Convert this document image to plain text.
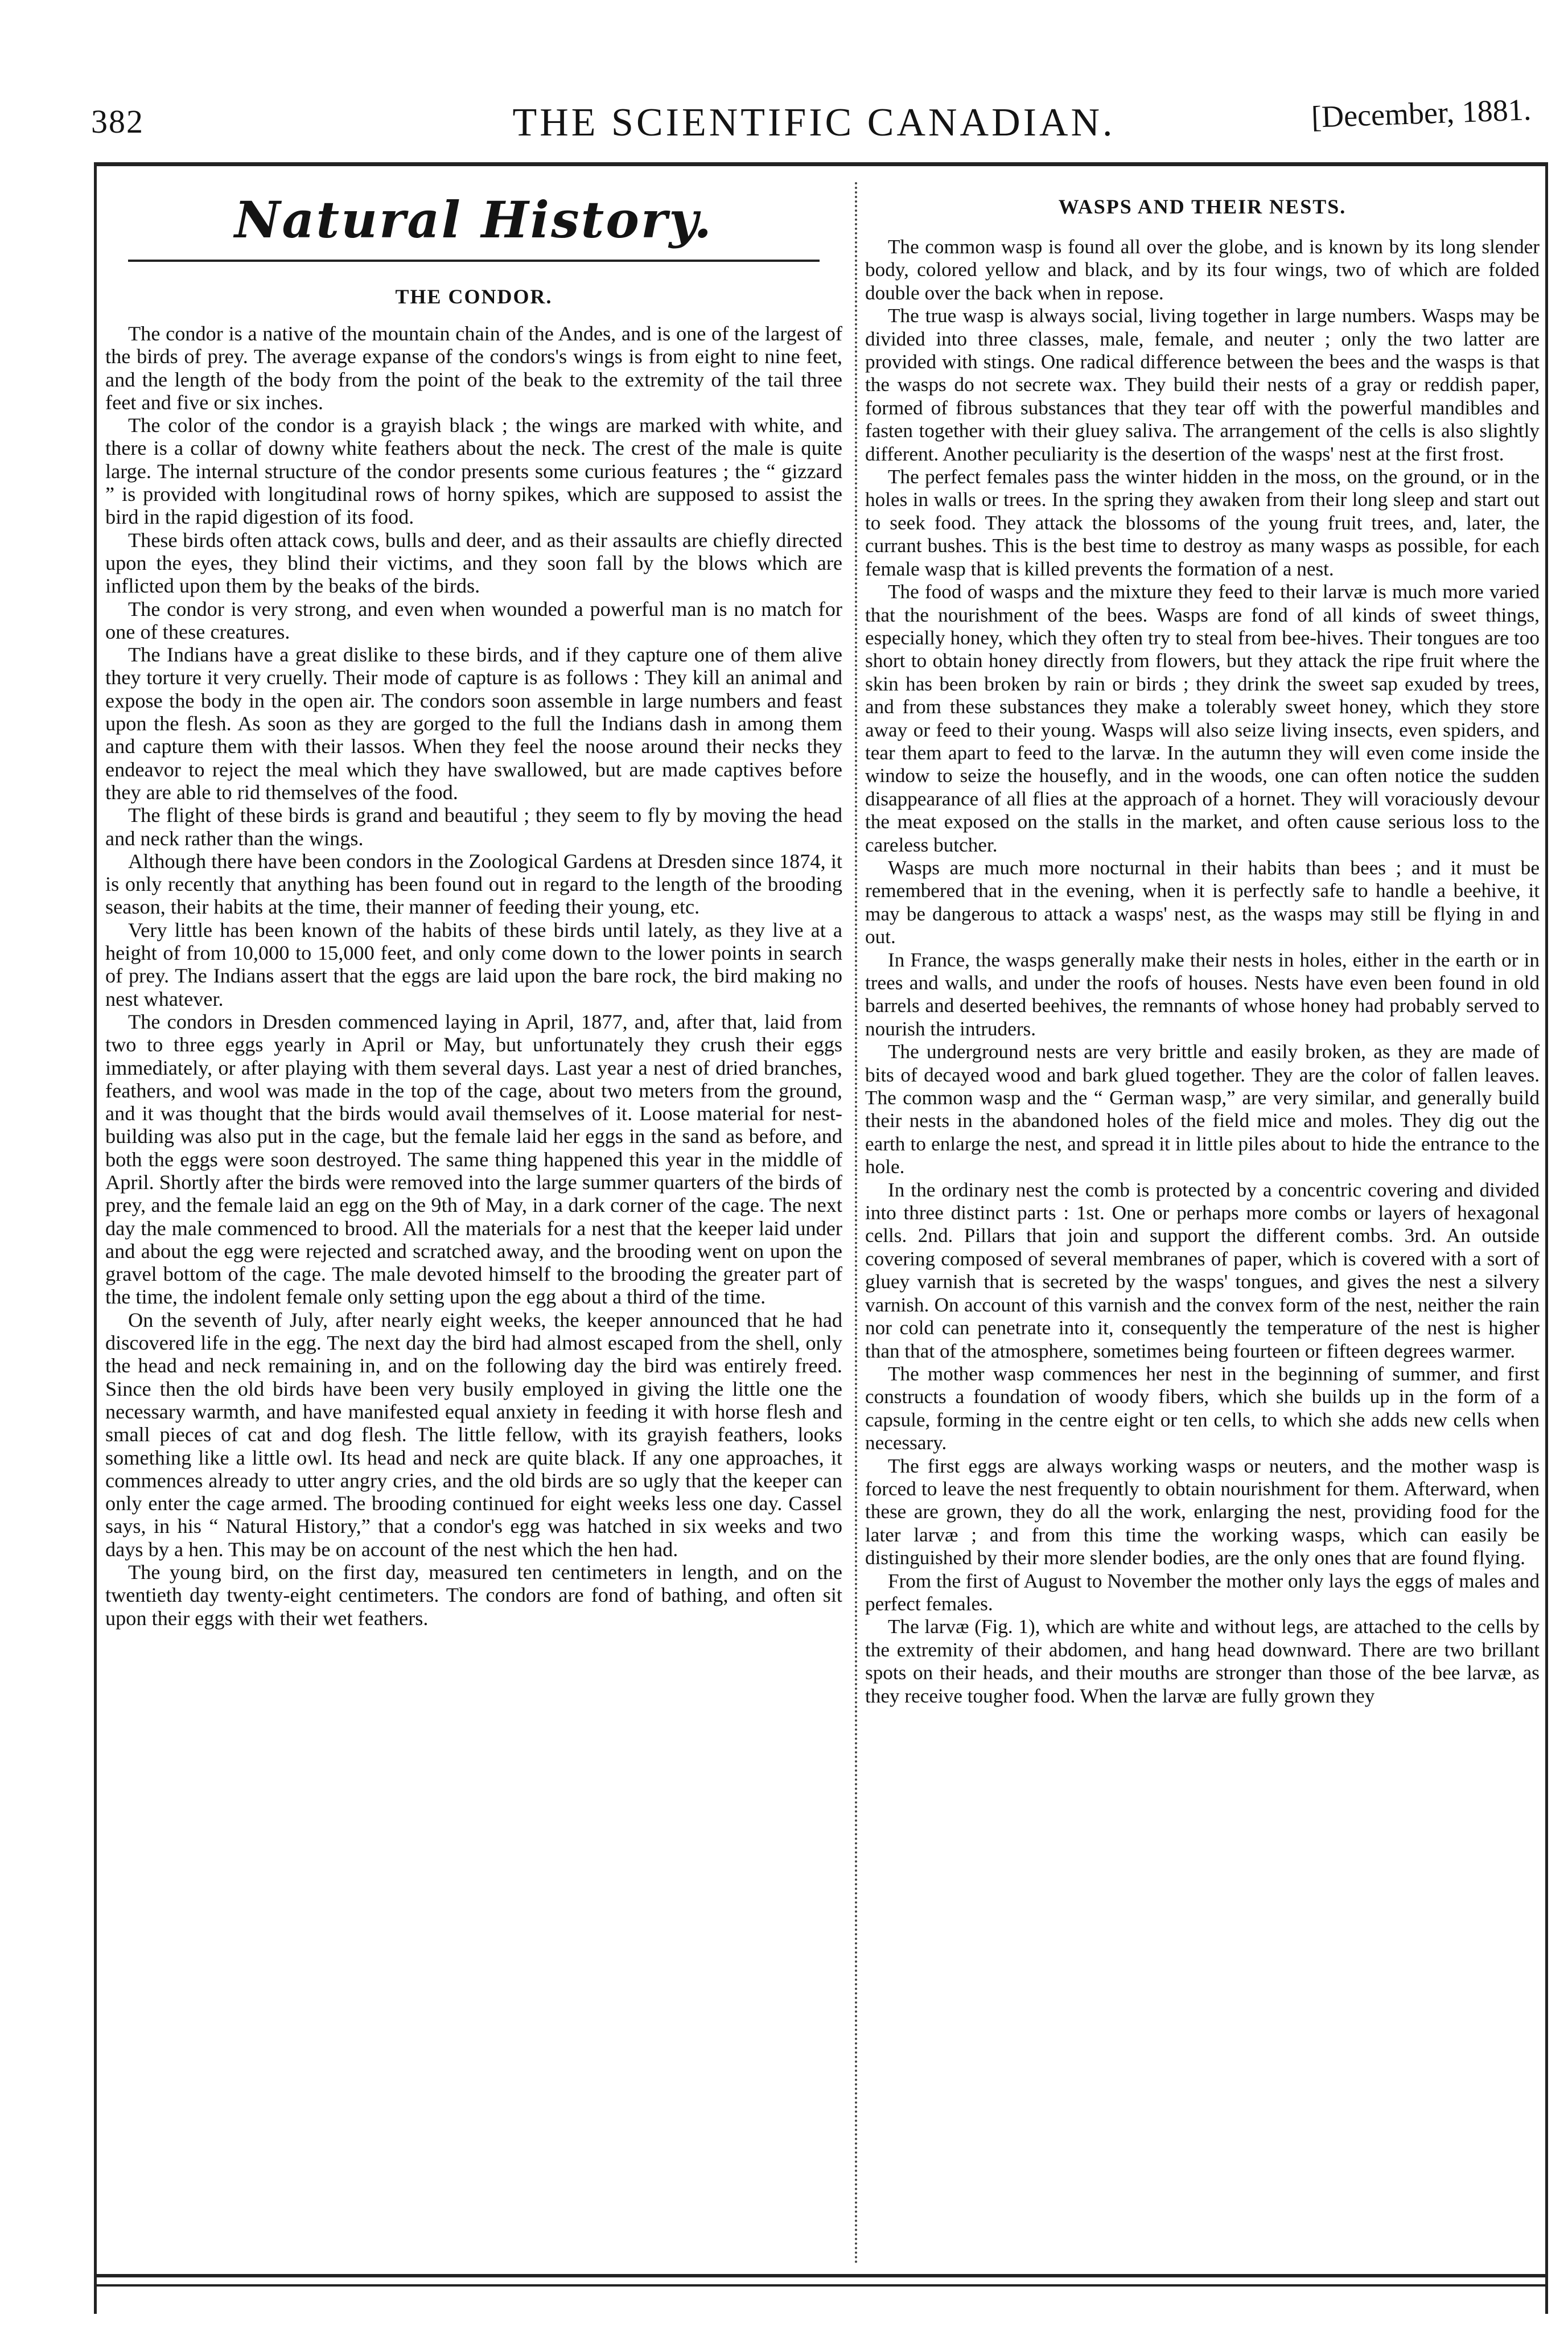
382	THE SCIENTIFIC CANADIAN.	[December, 1881.
Natural History.
THE CONDOR.

The condor is a native of the mountain chain of the Andes, and is one of the largest of the birds of prey. The average expanse of the condors's wings is from eight to nine feet, and the length of the body from the point of the beak to the extremity of the tail three feet and five or six inches.

The color of the condor is a grayish black ; the wings are marked with white, and there is a collar of downy white feathers about the neck. The crest of the male is quite large. The internal structure of the condor presents some curious features ; the “ gizzard ” is provided with longitudinal rows of horny spikes, which are supposed to assist the bird in the rapid digestion of its food.

These birds often attack cows, bulls and deer, and as their assaults are chiefly directed upon the eyes, they blind their victims, and they soon fall by the blows which are inflicted upon them by the beaks of the birds.

The condor is very strong, and even when wounded a powerful man is no match for one of these creatures.

The Indians have a great dislike to these birds, and if they capture one of them alive they torture it very cruelly. Their mode of capture is as follows : They kill an animal and expose the body in the open air. The condors soon assemble in large numbers and feast upon the flesh. As soon as they are gorged to the full the Indians dash in among them and capture them with their lassos. When they feel the noose around their necks they endeavor to reject the meal which they have swallowed, but are made captives before they are able to rid themselves of the food.

The flight of these birds is grand and beautiful ; they seem to fly by moving the head and neck rather than the wings.

Although there have been condors in the Zoological Gardens at Dresden since 1874, it is only recently that anything has been found out in regard to the length of the brooding season, their habits at the time, their manner of feeding their young, etc.

Very little has been known of the habits of these birds until lately, as they live at a height of from 10,000 to 15,000 feet, and only come down to the lower points in search of prey. The Indians assert that the eggs are laid upon the bare rock, the bird making no nest whatever.

The condors in Dresden commenced laying in April, 1877, and, after that, laid from two to three eggs yearly in April or May, but unfortunately they crush their eggs immediately, or after playing with them several days. Last year a nest of dried branches, feathers, and wool was made in the top of the cage, about two meters from the ground, and it was thought that the birds would avail themselves of it. Loose material for nest-building was also put in the cage, but the female laid her eggs in the sand as before, and both the eggs were soon destroyed. The same thing happened this year in the middle of April. Shortly after the birds were removed into the large summer quarters of the birds of prey, and the female laid an egg on the 9th of May, in a dark corner of the cage. The next day the male commenced to brood. All the materials for a nest that the keeper laid under and about the egg were rejected and scratched away, and the brooding went on upon the gravel bottom of the cage. The male devoted himself to the brooding the greater part of the time, the indolent female only setting upon the egg about a third of the time.

On the seventh of July, after nearly eight weeks, the keeper announced that he had discovered life in the egg. The next day the bird had almost escaped from the shell, only the head and neck remaining in, and on the following day the bird was entirely freed. Since then the old birds have been very busily employed in giving the little one the necessary warmth, and have manifested equal anxiety in feeding it with horse flesh and small pieces of cat and dog flesh. The little fellow, with its grayish feathers, looks something like a little owl. Its head and neck are quite black. If any one approaches, it commences already to utter angry cries, and the old birds are so ugly that the keeper can only enter the cage armed. The brooding continued for eight weeks less one day. Cassel says, in his “ Natural History,” that a condor's egg was hatched in six weeks and two days by a hen. This may be on account of the nest which the hen had.

The young bird, on the first day, measured ten centimeters in length, and on the twentieth day twenty-eight centimeters. The condors are fond of bathing, and often sit upon their eggs with their wet feathers.

WASPS AND THEIR NESTS.

The common wasp is found all over the globe, and is known by its long slender body, colored yellow and black, and by its four wings, two of which are folded double over the back when in repose.

The true wasp is always social, living together in large numbers. Wasps may be divided into three classes, male, female, and neuter ; only the two latter are provided with stings. One radical difference between the bees and the wasps is that the wasps do not secrete wax. They build their nests of a gray or reddish paper, formed of fibrous substances that they tear off with the powerful mandibles and fasten together with their gluey saliva. The arrangement of the cells is also slightly different. Another peculiarity is the desertion of the wasps' nest at the first frost.

The perfect females pass the winter hidden in the moss, on the ground, or in the holes in walls or trees. In the spring they awaken from their long sleep and start out to seek food. They attack the blossoms of the young fruit trees, and, later, the currant bushes. This is the best time to destroy as many wasps as possible, for each female wasp that is killed prevents the formation of a nest.

The food of wasps and the mixture they feed to their larvæ is much more varied that the nourishment of the bees. Wasps are fond of all kinds of sweet things, especially honey, which they often try to steal from bee-hives. Their tongues are too short to obtain honey directly from flowers, but they attack the ripe fruit where the skin has been broken by rain or birds ; they drink the sweet sap exuded by trees, and from these substances they make a tolerably sweet honey, which they store away or feed to their young. Wasps will also seize living insects, even spiders, and tear them apart to feed to the larvæ. In the autumn they will even come inside the window to seize the housefly, and in the woods, one can often notice the sudden disappearance of all flies at the approach of a hornet. They will voraciously devour the meat exposed on the stalls in the market, and often cause serious loss to the careless butcher.

Wasps are much more nocturnal in their habits than bees ; and it must be remembered that in the evening, when it is perfectly safe to handle a beehive, it may be dangerous to attack a wasps' nest, as the wasps may still be flying in and out.

In France, the wasps generally make their nests in holes, either in the earth or in trees and walls, and under the roofs of houses. Nests have even been found in old barrels and deserted beehives, the remnants of whose honey had probably served to nourish the intruders.

The underground nests are very brittle and easily broken, as they are made of bits of decayed wood and bark glued together. They are the color of fallen leaves. The common wasp and the “ German wasp,” are very similar, and generally build their nests in the abandoned holes of the field mice and moles. They dig out the earth to enlarge the nest, and spread it in little piles about to hide the entrance to the hole.

In the ordinary nest the comb is protected by a concentric covering and divided into three distinct parts : 1st. One or perhaps more combs or layers of hexagonal cells. 2nd. Pillars that join and support the different combs. 3rd. An outside covering composed of several membranes of paper, which is covered with a sort of gluey varnish that is secreted by the wasps' tongues, and gives the nest a silvery varnish. On account of this varnish and the convex form of the nest, neither the rain nor cold can penetrate into it, consequently the temperature of the nest is higher than that of the atmosphere, sometimes being fourteen or fifteen degrees warmer.

The mother wasp commences her nest in the beginning of summer, and first constructs a foundation of woody fibers, which she builds up in the form of a capsule, forming in the centre eight or ten cells, to which she adds new cells when necessary.

The first eggs are always working wasps or neuters, and the mother wasp is forced to leave the nest frequently to obtain nourishment for them. Afterward, when these are grown, they do all the work, enlarging the nest, providing food for the later larvæ ; and from this time the working wasps, which can easily be distinguished by their more slender bodies, are the only ones that are found flying.

From the first of August to November the mother only lays the eggs of males and perfect females.

The larvæ (Fig. 1), which are white and without legs, are attached to the cells by the extremity of their abdomen, and hang head downward. There are two brillant spots on their heads, and their mouths are stronger than those of the bee larvæ, as they receive tougher food. When the larvæ are fully grown they
